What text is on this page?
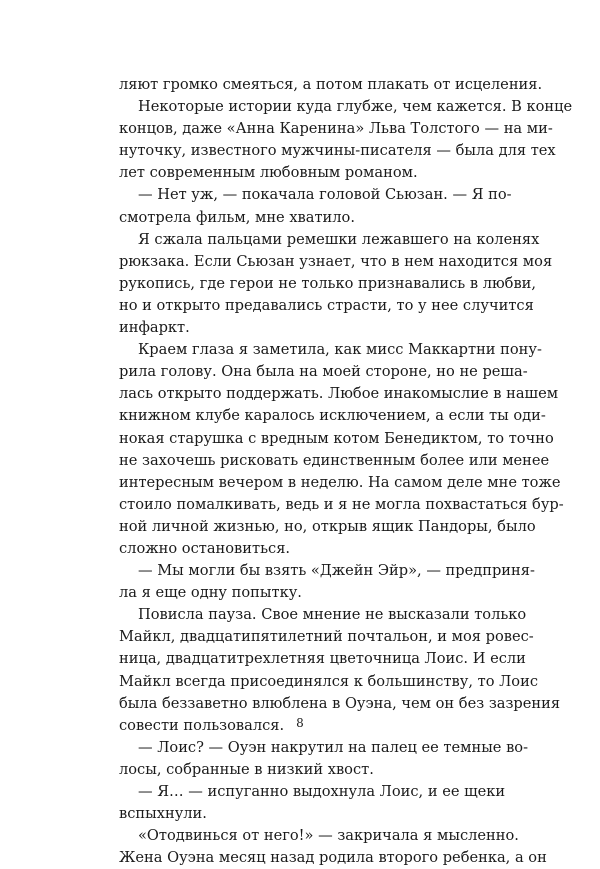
ляют громко смеяться, а потом плакать от исцеления.
Некоторые истории куда глубже, чем кажется. В конце
концов, даже «Анна Каренина» Льва Толстого — на ми-
нуточку, известного мужчины-писателя — была для тех
лет современным любовным романом.
— Нет уж, — покачала головой Сьюзан. — Я по-
смотрела фильм, мне хватило.
Я сжала пальцами ремешки лежавшего на коленях
рюкзака. Если Сьюзан узнает, что в нем находится моя
рукопись, где герои не только признавались в любви,
но и открыто предавались страсти, то у нее случится
инфаркт.
Краем глаза я заметила, как мисс Маккартни пону-
рила голову. Она была на моей стороне, но не реша-
лась открыто поддержать. Любое инакомыслие в нашем
книжном клубе каралось исключением, а если ты оди-
нокая старушка с вредным котом Бенедиктом, то точно
не захочешь рисковать единственным более или менее
интересным вечером в неделю. На самом деле мне тоже
стоило помалкивать, ведь и я не могла похвастаться бур-
ной личной жизнью, но, открыв ящик Пандоры, было
сложно остановиться.
— Мы могли бы взять «Джейн Эйр», — предприня-
ла я еще одну попытку.
Повисла пауза. Свое мнение не высказали только
Майкл, двадцатипятилетний почтальон, и моя ровес-
ница, двадцатитрехлетняя цветочница Лоис. И если
Майкл всегда присоединялся к большинству, то Лоис
была беззаветно влюблена в Оуэна, чем он без зазрения
совести пользовался.
— Лоис? — Оуэн накрутил на палец ее темные во-
лосы, собранные в низкий хвост.
— Я… — испуганно выдохнула Лоис, и ее щеки
вспыхнули.
«Отодвинься от него!» — закричала я мысленно.
Жена Оуэна месяц назад родила второго ребенка, а он
8
